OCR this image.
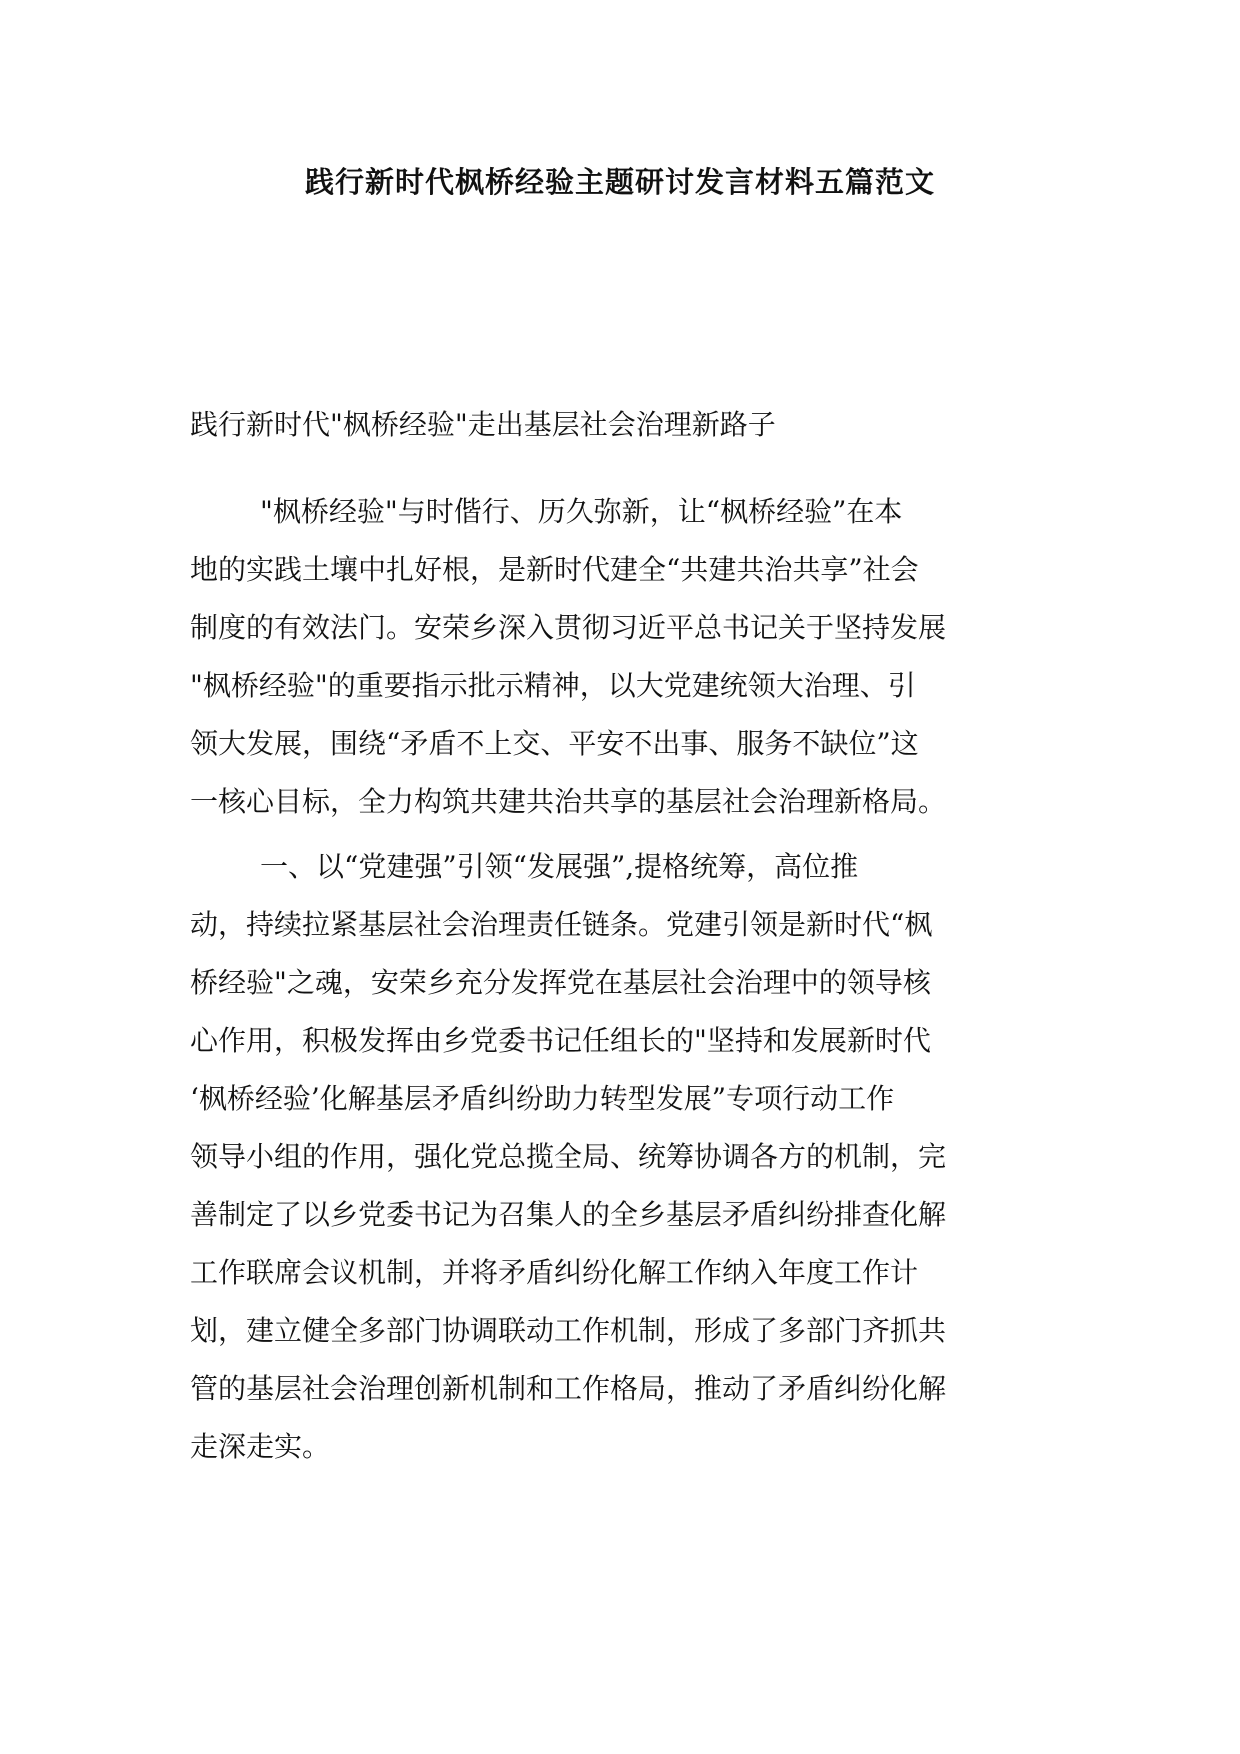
践行新时代枫桥经验主题研讨发言材料五篇范文

践行新时代"枫桥经验"走出基层社会治理新路子

"枫桥经验"与时偕行、历久弥新，让“枫桥经验”在本
地的实践土壤中扎好根，是新时代建全“共建共治共享”社会
制度的有效法门。安荣乡深入贯彻习近平总书记关于坚持发展
"枫桥经验"的重要指示批示精神，以大党建统领大治理、引
领大发展，围绕“矛盾不上交、平安不出事、服务不缺位”这
一核心目标，全力构筑共建共治共享的基层社会治理新格局。
一、以“党建强”引领“发展强”,提格统筹，高位推
动，持续拉紧基层社会治理责任链条。党建引领是新时代“枫
桥经验"之魂，安荣乡充分发挥党在基层社会治理中的领导核
心作用，积极发挥由乡党委书记任组长的"坚持和发展新时代
‘枫桥经验’化解基层矛盾纠纷助力转型发展”专项行动工作
领导小组的作用，强化党总揽全局、统筹协调各方的机制，完
善制定了以乡党委书记为召集人的全乡基层矛盾纠纷排查化解
工作联席会议机制，并将矛盾纠纷化解工作纳入年度工作计
划，建立健全多部门协调联动工作机制，形成了多部门齐抓共
管的基层社会治理创新机制和工作格局，推动了矛盾纠纷化解
走深走实。
